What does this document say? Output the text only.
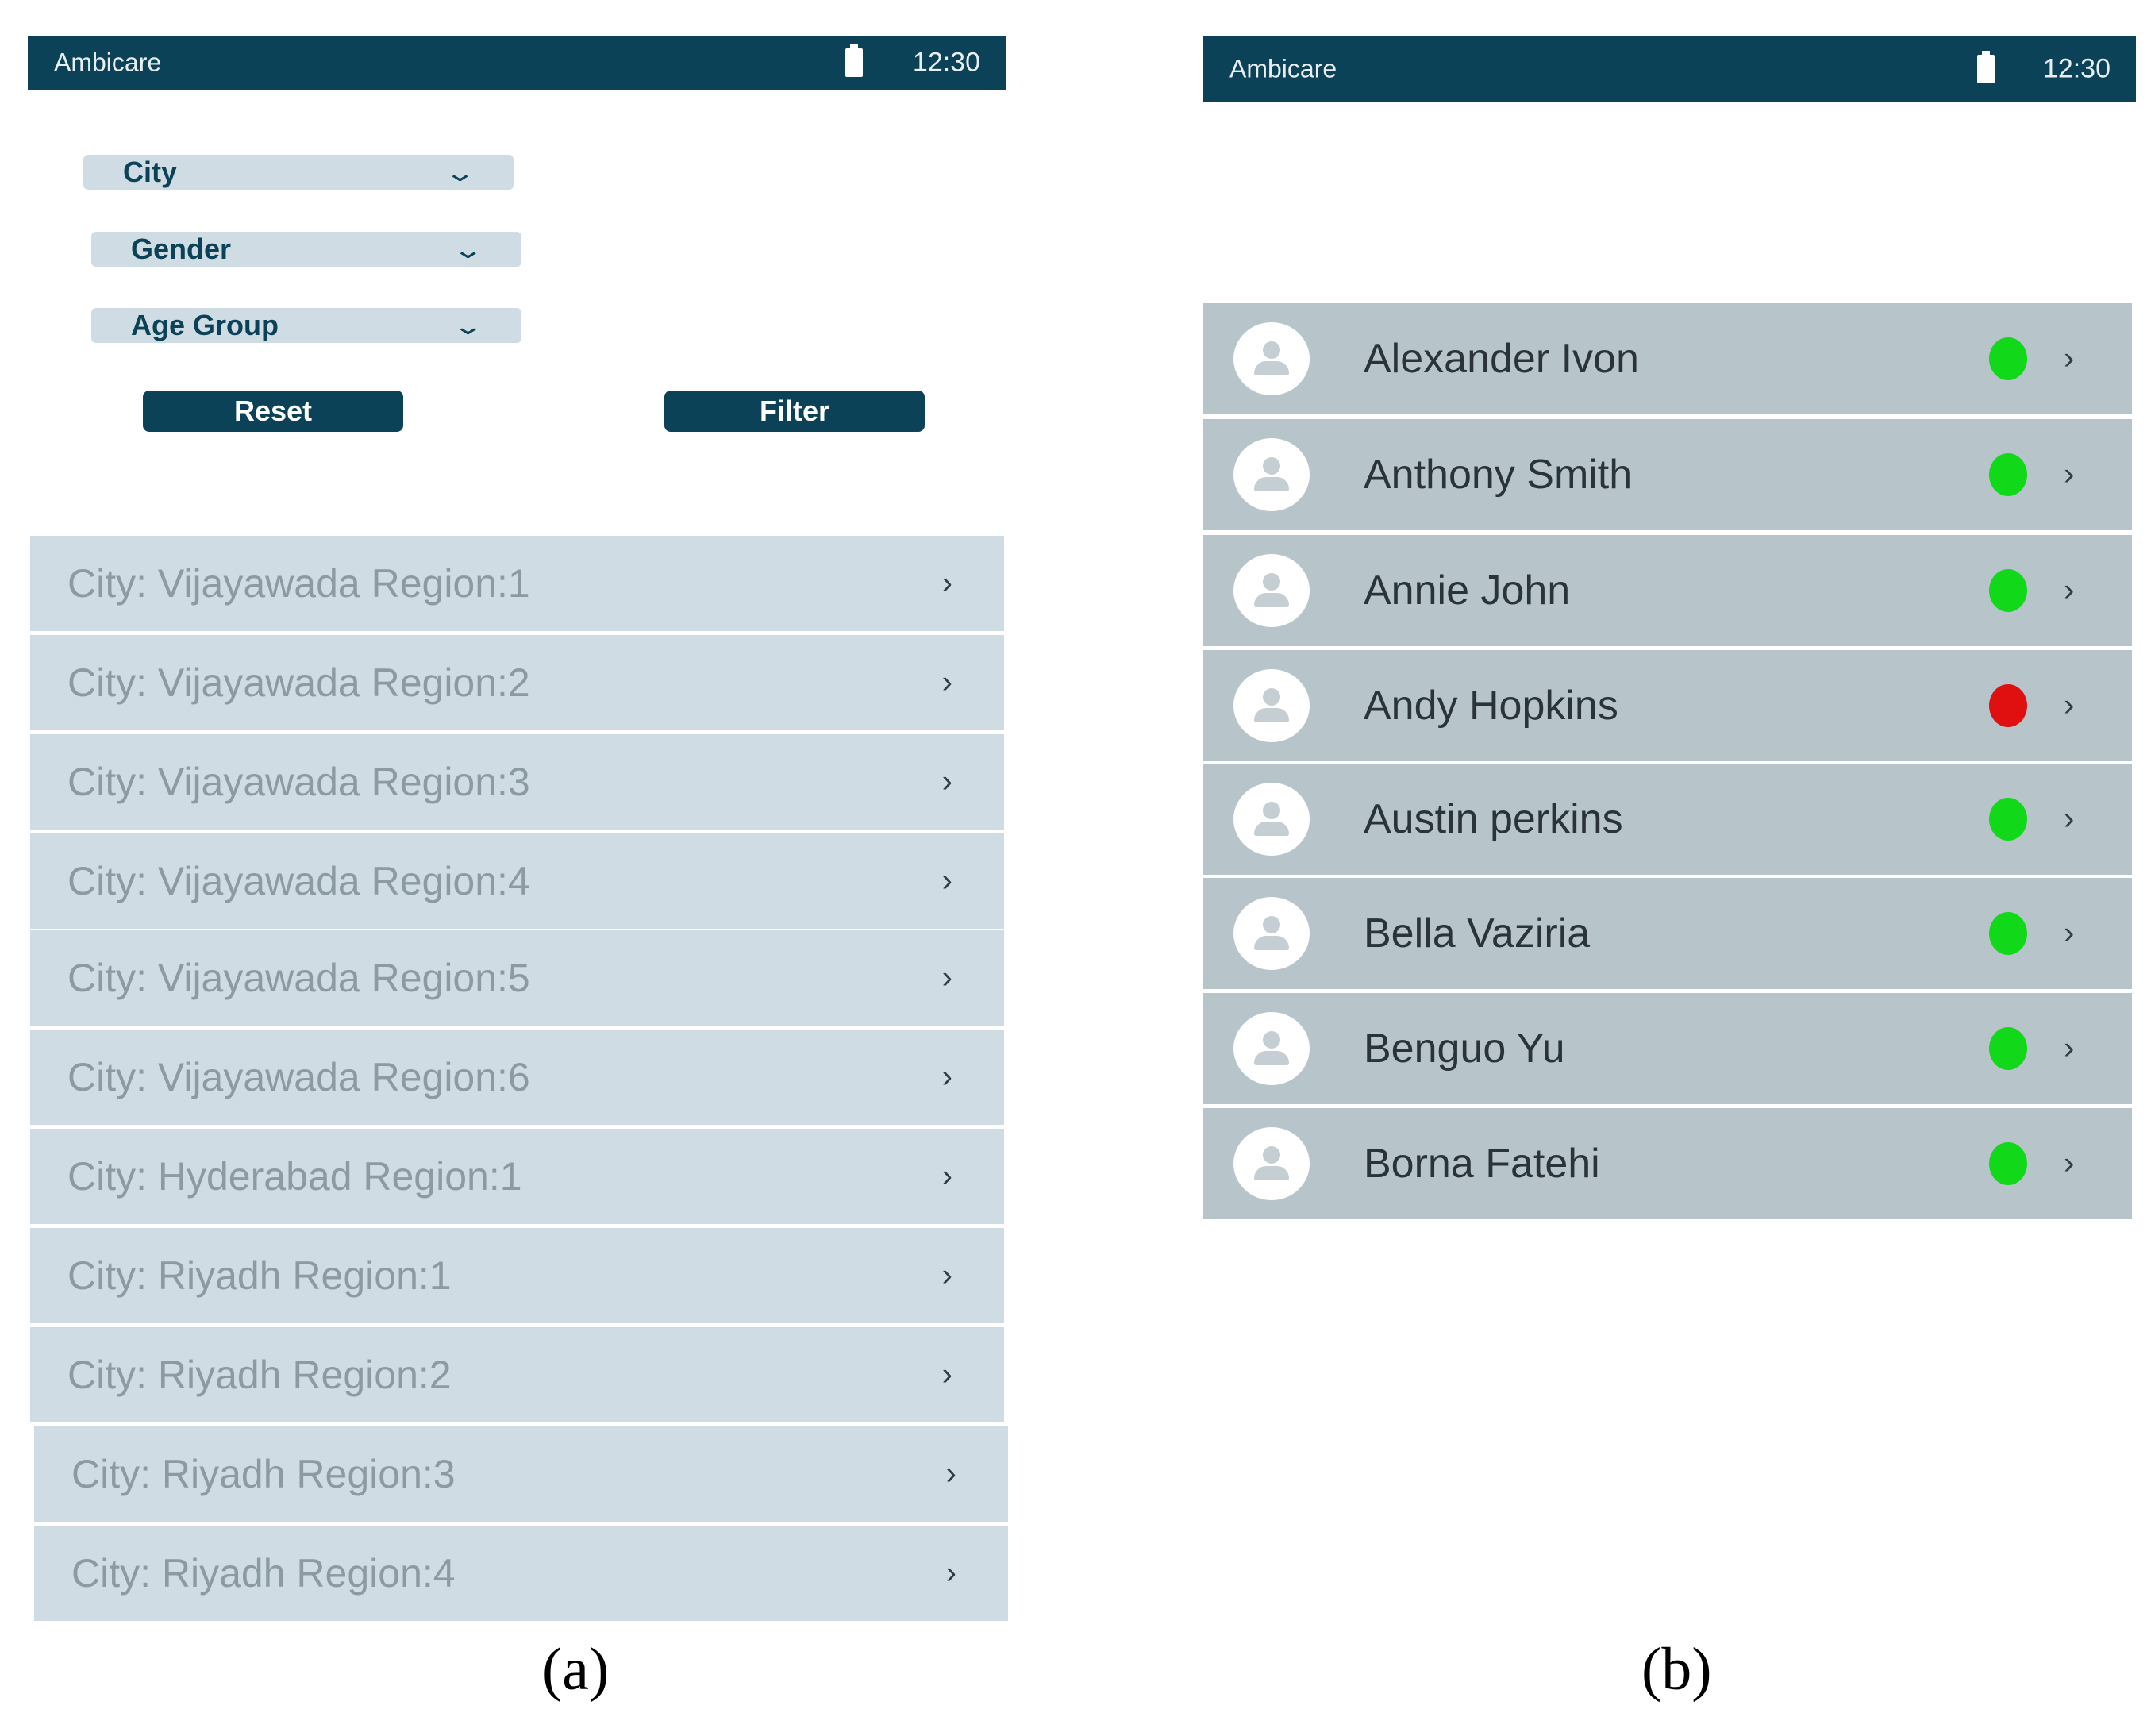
Ambicare	12:30
City	⌄
Gender	⌄
Age Group	⌄
Reset	Filter
City: Vijayawada Region:1	›
City: Vijayawada Region:2	›
City: Vijayawada Region:3	›
City: Vijayawada Region:4	›
City: Vijayawada Region:5	›
City: Vijayawada Region:6	›
City: Hyderabad Region:1	›
City: Riyadh Region:1	›
City: Riyadh Region:2	›
City: Riyadh Region:3	›
City: Riyadh Region:4	›
(a)
Ambicare	12:30
Alexander Ivon	›
Anthony Smith	›
Annie John	›
Andy Hopkins	›
Austin perkins	›
Bella Vaziria	›
Benguo Yu	›
Borna Fatehi	›
(b)
